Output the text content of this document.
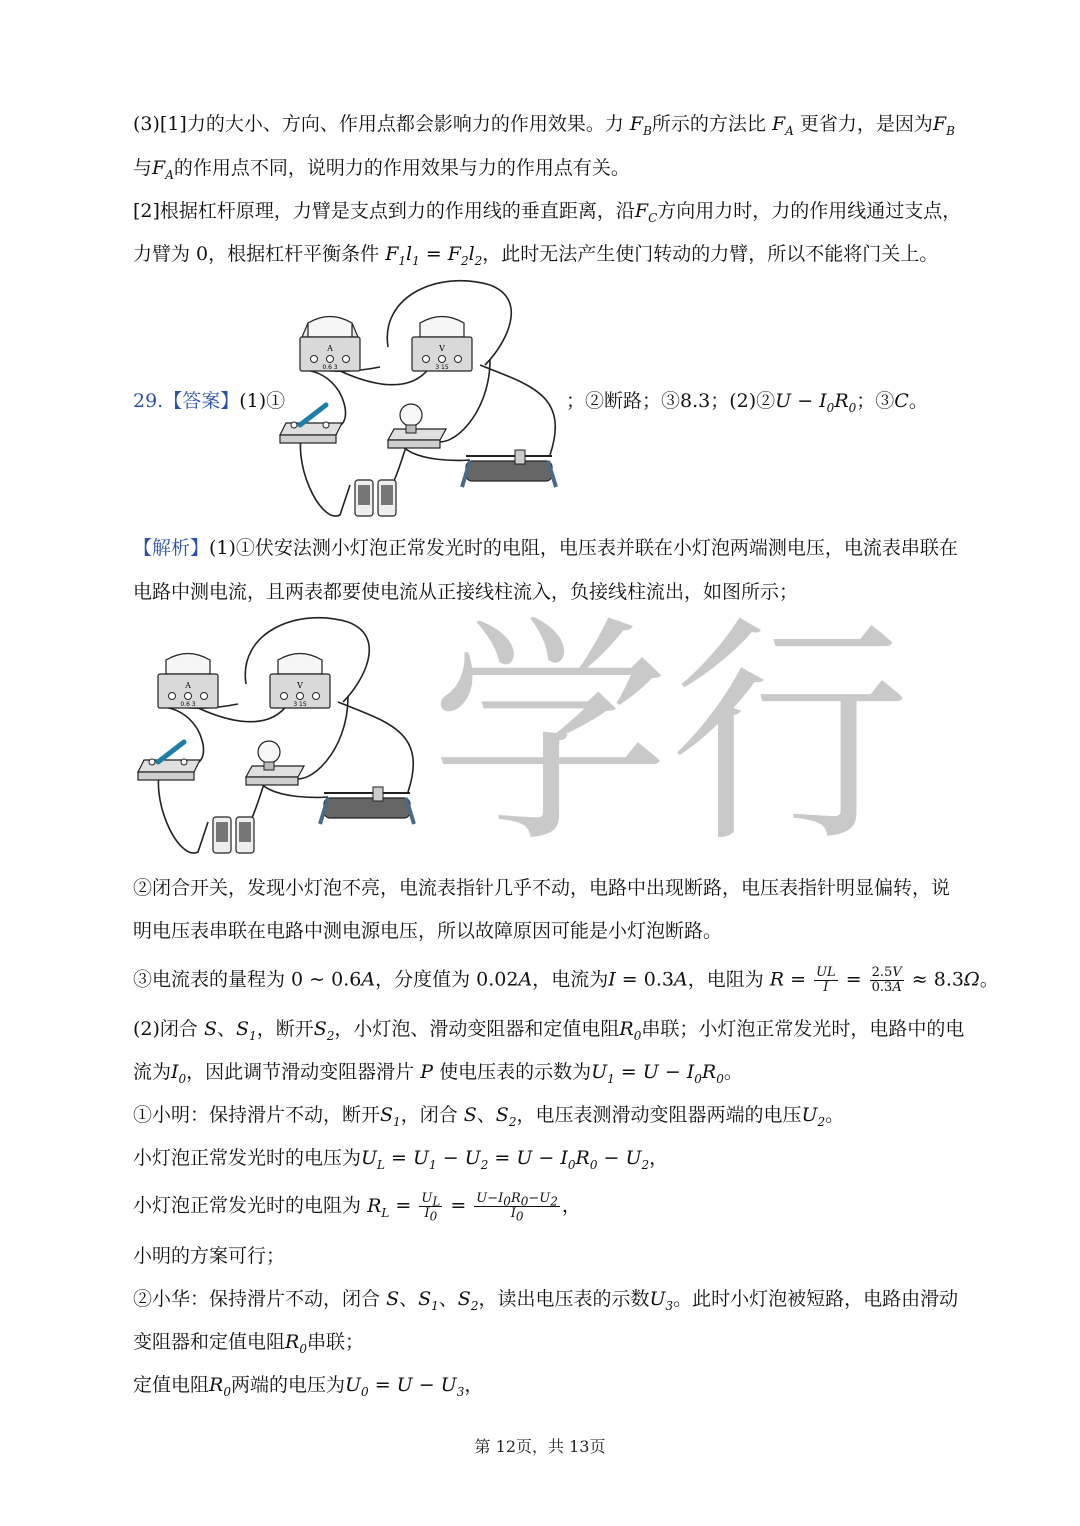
学行
(3)[1]力的大小、方向、作用点都会影响力的作用效果。力 $F_B$所示的方法比 $F_A$ 更省力，是因为$F_B$
与$F_A$的作用点不同，说明力的作用效果与力的作用点有关。
[2]根据杠杆原理，力臂是支点到力的作用线的垂直距离，沿$F_C$方向用力时，力的作用线通过支点，
力臂为 0，根据杠杆平衡条件 $F_1l_1 = F_2l_2$，此时无法产生使门转动的力臂，所以不能将门关上。
29.【答案】(1)①	；②断路；③8.3；(2)②U − $I_0R_0$；③C。
A
0.6 3
V
3 15
【解析】(1)①伏安法测小灯泡正常发光时的电阻，电压表并联在小灯泡两端测电压，电流表串联在
电路中测电流，且两表都要使电流从正接线柱流入，负接线柱流出，如图所示；
A
0.6 3
V
3 15
②闭合开关，发现小灯泡不亮，电流表指针几乎不动，电路中出现断路，电压表指针明显偏转，说
明电压表串联在电路中测电源电压，所以故障原因可能是小灯泡断路。
③电流表的量程为 0 ∼ 0.6A，分度值为 0.02A，电流为I = 0.3A，电阻为 $R = \frac{UL}{I} = \frac{2.5V}{0.3A} \approx 8.3\Omega$。
(2)闭合 S、$S_1$，断开$S_2$，小灯泡、滑动变阻器和定值电阻$R_0$串联；小灯泡正常发光时，电路中的电
流为$I_0$，因此调节滑动变阻器滑片 P 使电压表的示数为$U_1 = U - I_0R_0$。
①小明：保持滑片不动，断开$S_1$，闭合 S、$S_2$，电压表测滑动变阻器两端的电压$U_2$。
小灯泡正常发光时的电压为$U_L = U_1 - U_2 = U - I_0R_0 - U_2$，
小灯泡正常发光时的电阻为 $R_L = \frac{U_L}{I_0} = \frac{U-I_0R_0-U_2}{I_0}$ ，
小明的方案可行；
②小华：保持滑片不动，闭合 S、$S_1$、$S_2$，读出电压表的示数$U_3$。此时小灯泡被短路，电路由滑动
变阻器和定值电阻$R_0$串联；
定值电阻$R_0$两端的电压为$U_0 = U - U_3$，
第 12页，共 13页
